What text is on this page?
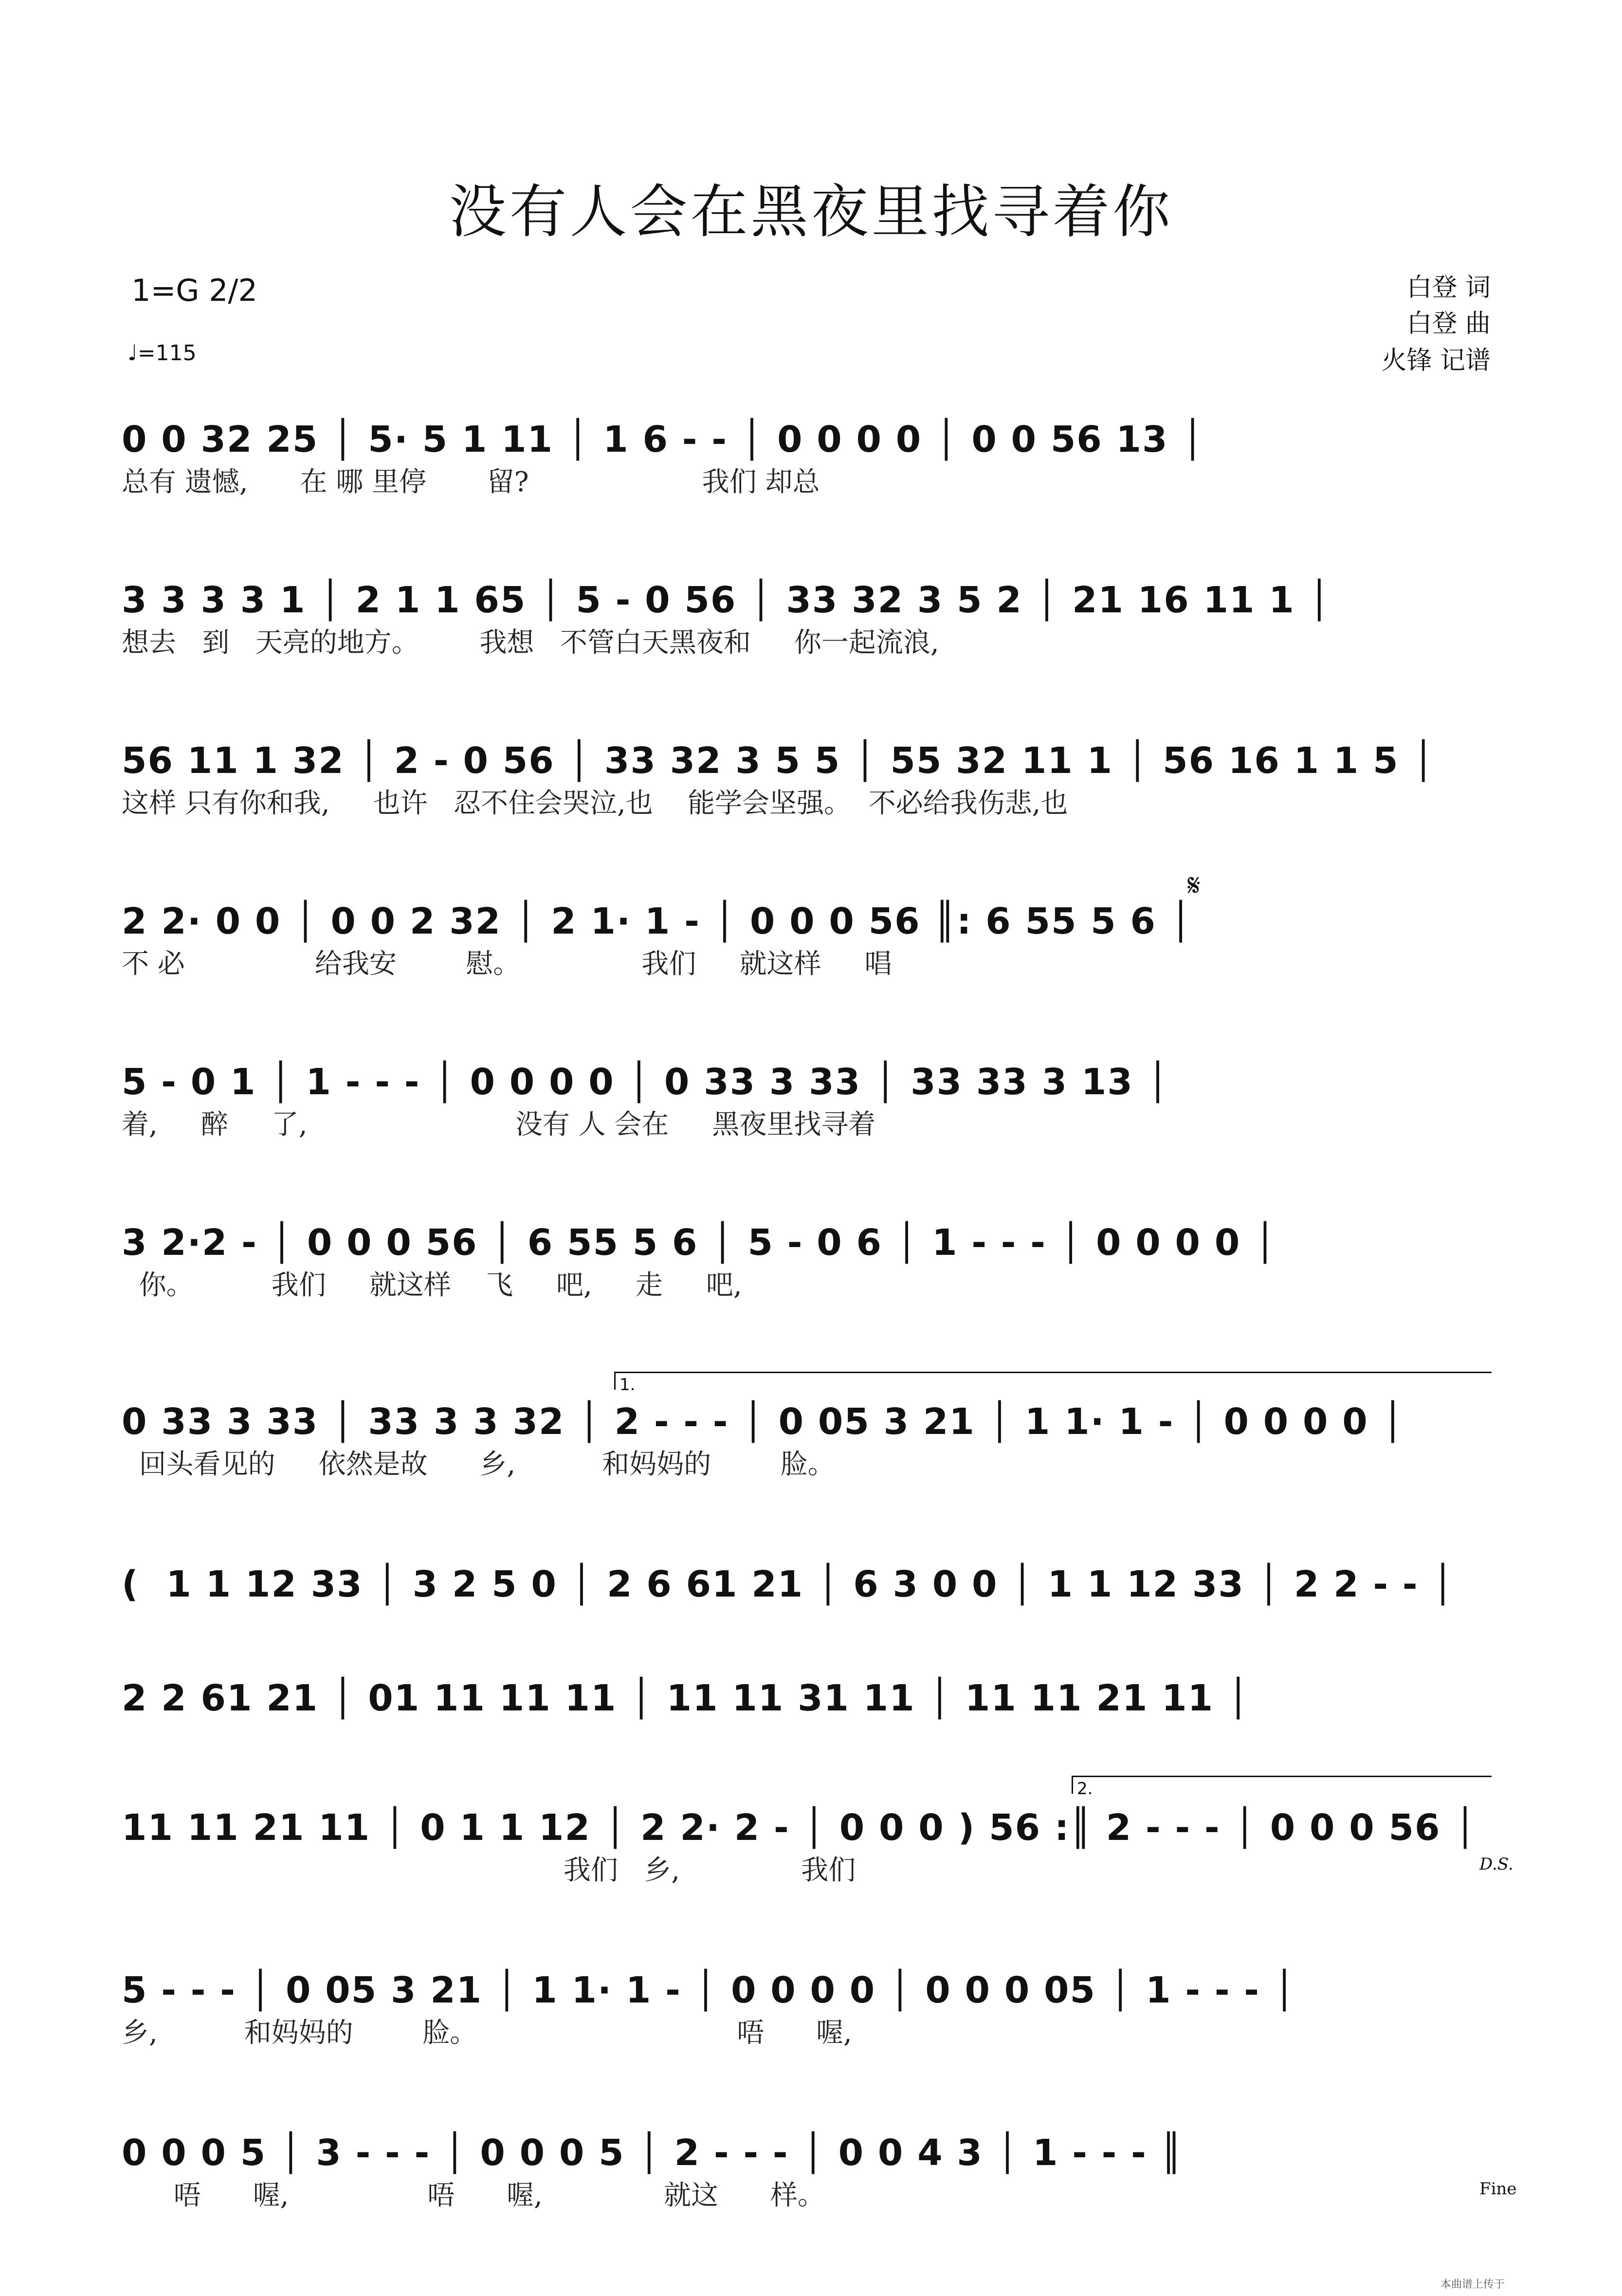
没有人会在黑夜里找寻着你
1=G 2/2
♩=115
白登 词
白登 曲
火锋 记谱
𝄋
D.S.
Fine
1.
2.
0 0 32 25 │ 5· 5 1 11 │ 1 6 - - │ 0 0 0 0 │ 0 0 56 13 │
总有 遗憾,      在 哪 里停       留?                    我们 却总
3 3 3 3 1 │ 2 1 1 65 │ 5 - 0 56 │ 33 32 3 5 2 │ 21 16 11 1 │
想去   到   天亮的地方。       我想   不管白天黑夜和     你一起流浪,
56 11 1 32 │ 2 - 0 56 │ 33 32 3 5 5 │ 55 32 11 1 │ 56 16 1 1 5 │
这样 只有你和我,     也许   忍不住会哭泣,也    能学会坚强。  不必给我伤悲,也
2 2· 0 0 │ 0 0 2 32 │ 2 1· 1 - │ 0 0 0 56 ║: 6 55 5 6 │
不 必               给我安        慰。              我们     就这样     唱
5 - 0 1 │ 1 - - - │ 0 0 0 0 │ 0 33 3 33 │ 33 33 3 13 │
着,     醉     了,                        没有 人 会在     黑夜里找寻着
3 2·2 - │ 0 0 0 56 │ 6 55 5 6 │ 5 - 0 6 │ 1 - - - │ 0 0 0 0 │
你。         我们     就这样    飞     吧,     走     吧,
0 33 3 33 │ 33 3 3 32 │ 2 - - - │ 0 05 3 21 │ 1 1· 1 - │ 0 0 0 0 │
回头看见的     依然是故      乡,          和妈妈的        脸。
(  1 1 12 33 │ 3 2 5 0 │ 2 6 61 21 │ 6 3 0 0 │ 1 1 12 33 │ 2 2 - - │
2 2 61 21 │ 01 11 11 11 │ 11 11 31 11 │ 11 11 21 11 │
11 11 21 11 │ 0 1 1 12 │ 2 2· 2 - │ 0 0 0 ) 56 :║ 2 - - - │ 0 0 0 56 │
我们   乡,              我们
5 - - - │ 0 05 3 21 │ 1 1· 1 - │ 0 0 0 0 │ 0 0 0 05 │ 1 - - - │
乡,          和妈妈的        脸。                              唔      喔,
0 0 0 5 │ 3 - - - │ 0 0 0 5 │ 2 - - - │ 0 0 4 3 │ 1 - - - ║
唔      喔,                唔      喔,              就这      样。
本曲谱上传于
